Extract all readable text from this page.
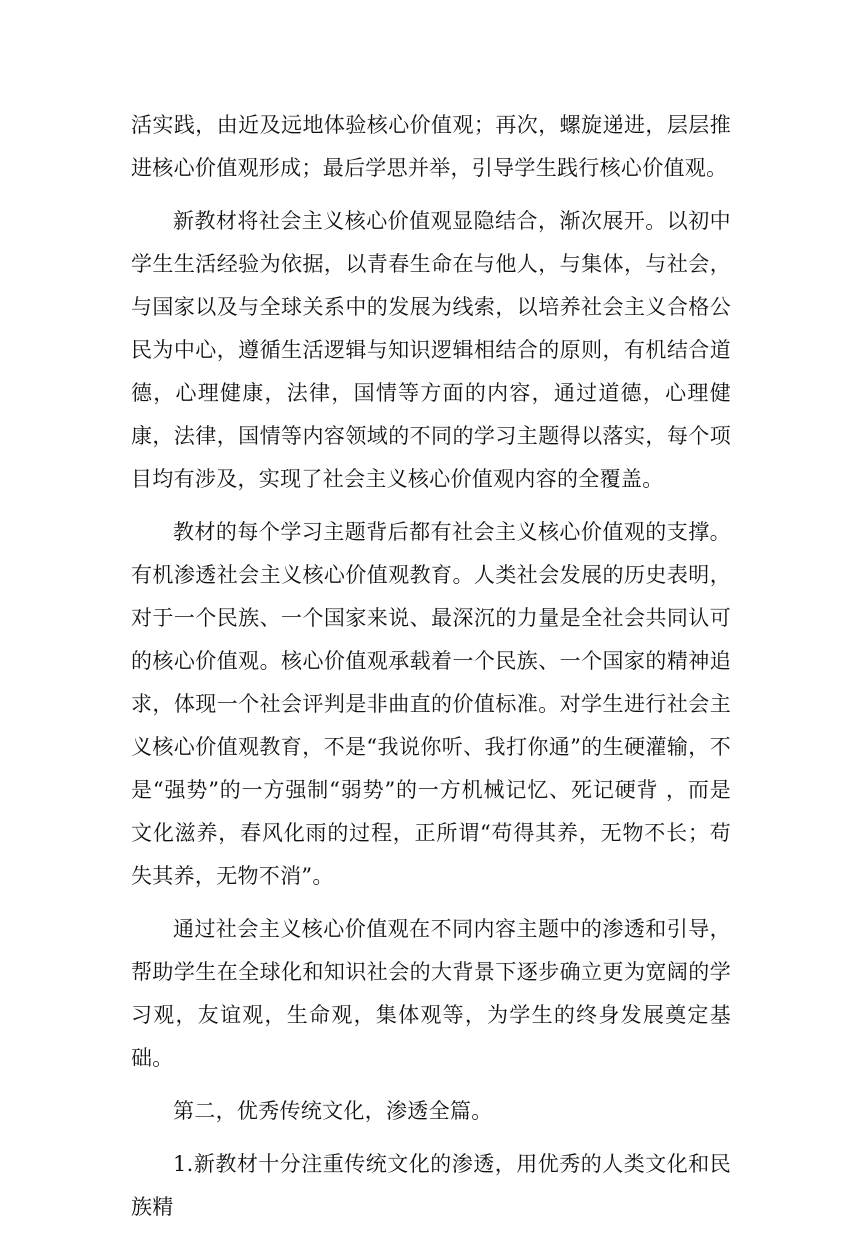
活实践，由近及远地体验核心价值观；再次，螺旋递进，层层推进核心价值观形成；最后学思并举，引导学生践行核心价值观。

新教材将社会主义核心价值观显隐结合，渐次展开。以初中学生生活经验为依据，以青春生命在与他人，与集体，与社会，与国家以及与全球关系中的发展为线索，以培养社会主义合格公民为中心，遵循生活逻辑与知识逻辑相结合的原则，有机结合道德，心理健康，法律，国情等方面的内容，通过道德，心理健康，法律，国情等内容领域的不同的学习主题得以落实，每个项目均有涉及，实现了社会主义核心价值观内容的全覆盖。

教材的每个学习主题背后都有社会主义核心价值观的支撑。有机渗透社会主义核心价值观教育。人类社会发展的历史表明，对于一个民族、一个国家来说、最深沉的力量是全社会共同认可的核心价值观。核心价值观承载着一个民族、一个国家的精神追求，体现一个社会评判是非曲直的价值标准。对学生进行社会主义核心价值观教育，不是“我说你听、我打你通”的生硬灌输，不是“强势”的一方强制“弱势”的一方机械记忆、死记硬背 ，而是文化滋养，春风化雨的过程，正所谓“苟得其养，无物不长；苟失其养，无物不消”。

通过社会主义核心价值观在不同内容主题中的渗透和引导，帮助学生在全球化和知识社会的大背景下逐步确立更为宽阔的学习观，友谊观，生命观，集体观等，为学生的终身发展奠定基础。

第二，优秀传统文化，渗透全篇。

1.新教材十分注重传统文化的渗透，用优秀的人类文化和民族精
